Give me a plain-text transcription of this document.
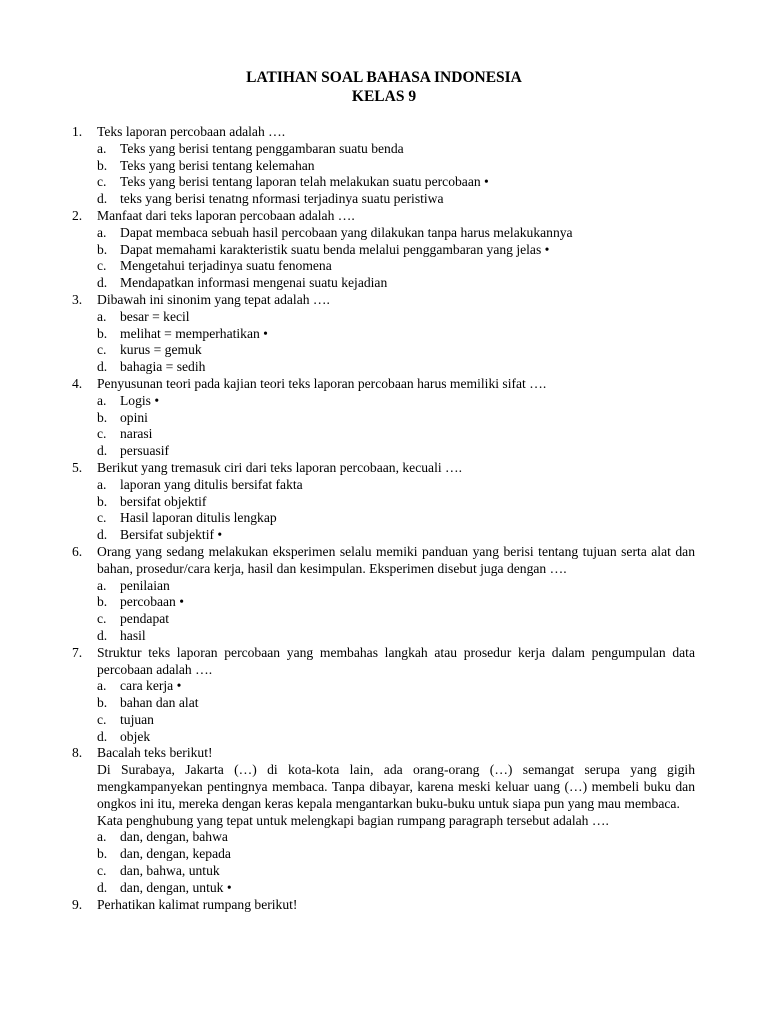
LATIHAN SOAL BAHASA INDONESIA
KELAS 9
1. Teks laporan percobaan adalah ….
a. Teks yang berisi tentang penggambaran suatu benda
b. Teks yang berisi tentang kelemahan
c. Teks yang berisi tentang laporan telah melakukan suatu percobaan •
d. teks yang berisi tenatng nformasi terjadinya suatu peristiwa
2. Manfaat dari teks laporan percobaan adalah ….
a. Dapat membaca sebuah hasil percobaan yang dilakukan tanpa harus melakukannya
b. Dapat memahami karakteristik suatu benda melalui penggambaran yang jelas •
c. Mengetahui terjadinya suatu fenomena
d. Mendapatkan informasi mengenai suatu kejadian
3. Dibawah ini sinonim yang tepat adalah ….
a. besar = kecil
b. melihat = memperhatikan •
c. kurus = gemuk
d. bahagia = sedih
4. Penyusunan teori pada kajian teori teks laporan percobaan harus memiliki sifat ….
a. Logis •
b. opini
c. narasi
d. persuasif
5. Berikut yang tremasuk ciri dari teks laporan percobaan, kecuali ….
a. laporan yang ditulis bersifat fakta
b. bersifat objektif
c. Hasil laporan ditulis lengkap
d. Bersifat subjektif •
6. Orang yang sedang melakukan eksperimen selalu memiki panduan yang berisi tentang tujuan serta alat dan bahan, prosedur/cara kerja, hasil dan kesimpulan. Eksperimen disebut juga dengan ….
a. penilaian
b. percobaan •
c. pendapat
d. hasil
7. Struktur teks laporan percobaan yang membahas langkah atau prosedur kerja dalam pengumpulan data percobaan adalah ….
a. cara kerja •
b. bahan dan alat
c. tujuan
d. objek
8. Bacalah teks berikut!
Di Surabaya, Jakarta (…) di kota-kota lain, ada orang-orang (…) semangat serupa yang gigih mengkampanyekan pentingnya membaca. Tanpa dibayar, karena meski keluar uang (…) membeli buku dan ongkos ini itu, mereka dengan keras kepala mengantarkan buku-buku untuk siapa pun yang mau membaca.
Kata penghubung yang tepat untuk melengkapi bagian rumpang paragraph tersebut adalah ….
a. dan, dengan, bahwa
b. dan, dengan, kepada
c. dan, bahwa, untuk
d. dan, dengan, untuk •
9. Perhatikan kalimat rumpang berikut!
